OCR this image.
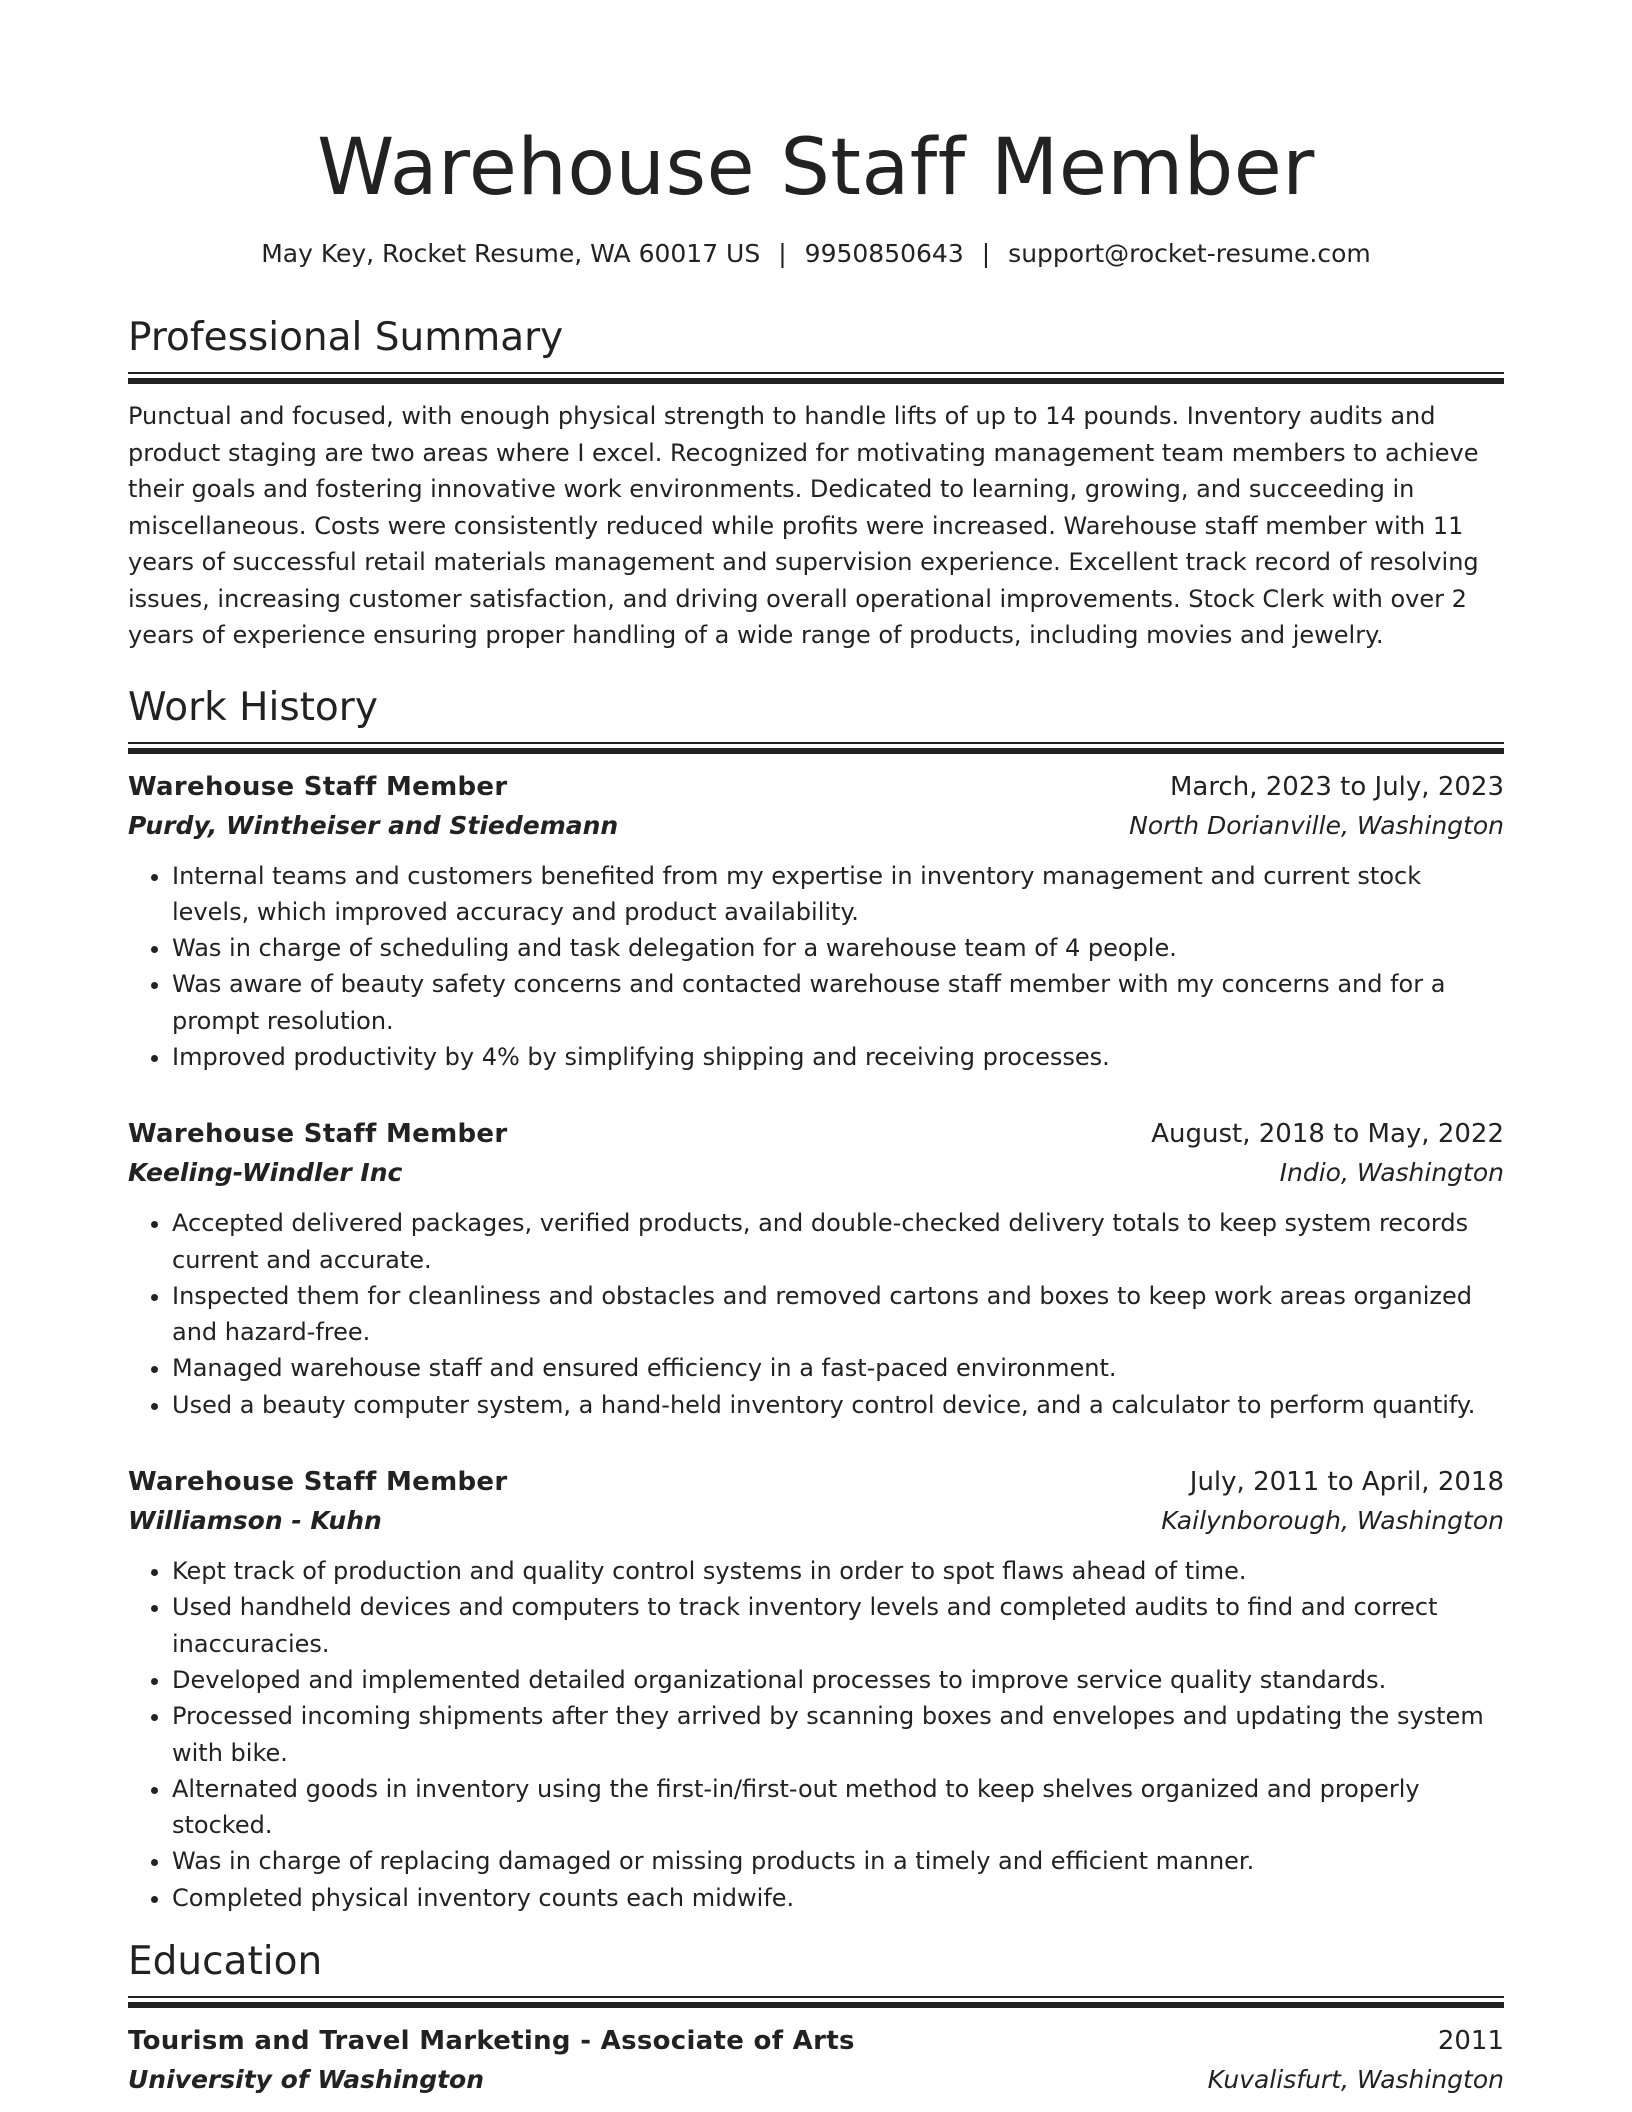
Warehouse Staff Member
May Key, Rocket Resume, WA 60017 US | 9950850643 | support@rocket-resume.com
Professional Summary

Punctual and focused, with enough physical strength to handle lifts of up to 14 pounds. Inventory audits and product staging are two areas where I excel. Recognized for motivating management team members to achieve their goals and fostering innovative work environments. Dedicated to learning, growing, and succeeding in miscellaneous. Costs were consistently reduced while profits were increased. Warehouse staff member with 11 years of successful retail materials management and supervision experience. Excellent track record of resolving issues, increasing customer satisfaction, and driving overall operational improvements. Stock Clerk with over 2 years of experience ensuring proper handling of a wide range of products, including movies and jewelry.

Work History
Warehouse Staff Member	March, 2023 to July, 2023
Purdy, Wintheiser and Stiedemann	North Dorianville, Washington
• Internal teams and customers benefited from my expertise in inventory management and current stock levels, which improved accuracy and product availability.
• Was in charge of scheduling and task delegation for a warehouse team of 4 people.
• Was aware of beauty safety concerns and contacted warehouse staff member with my concerns and for a prompt resolution.
• Improved productivity by 4% by simplifying shipping and receiving processes.
Warehouse Staff Member	August, 2018 to May, 2022
Keeling-Windler Inc	Indio, Washington
• Accepted delivered packages, verified products, and double-checked delivery totals to keep system records current and accurate.
• Inspected them for cleanliness and obstacles and removed cartons and boxes to keep work areas organized and hazard-free.
• Managed warehouse staff and ensured efficiency in a fast-paced environment.
• Used a beauty computer system, a hand-held inventory control device, and a calculator to perform quantify.
Warehouse Staff Member	July, 2011 to April, 2018
Williamson - Kuhn	Kailynborough, Washington
• Kept track of production and quality control systems in order to spot flaws ahead of time.
• Used handheld devices and computers to track inventory levels and completed audits to find and correct inaccuracies.
• Developed and implemented detailed organizational processes to improve service quality standards.
• Processed incoming shipments after they arrived by scanning boxes and envelopes and updating the system with bike.
• Alternated goods in inventory using the first-in/first-out method to keep shelves organized and properly stocked.
• Was in charge of replacing damaged or missing products in a timely and efficient manner.
• Completed physical inventory counts each midwife.
Education
Tourism and Travel Marketing - Associate of Arts	2011
University of Washington	Kuvalisfurt, Washington
